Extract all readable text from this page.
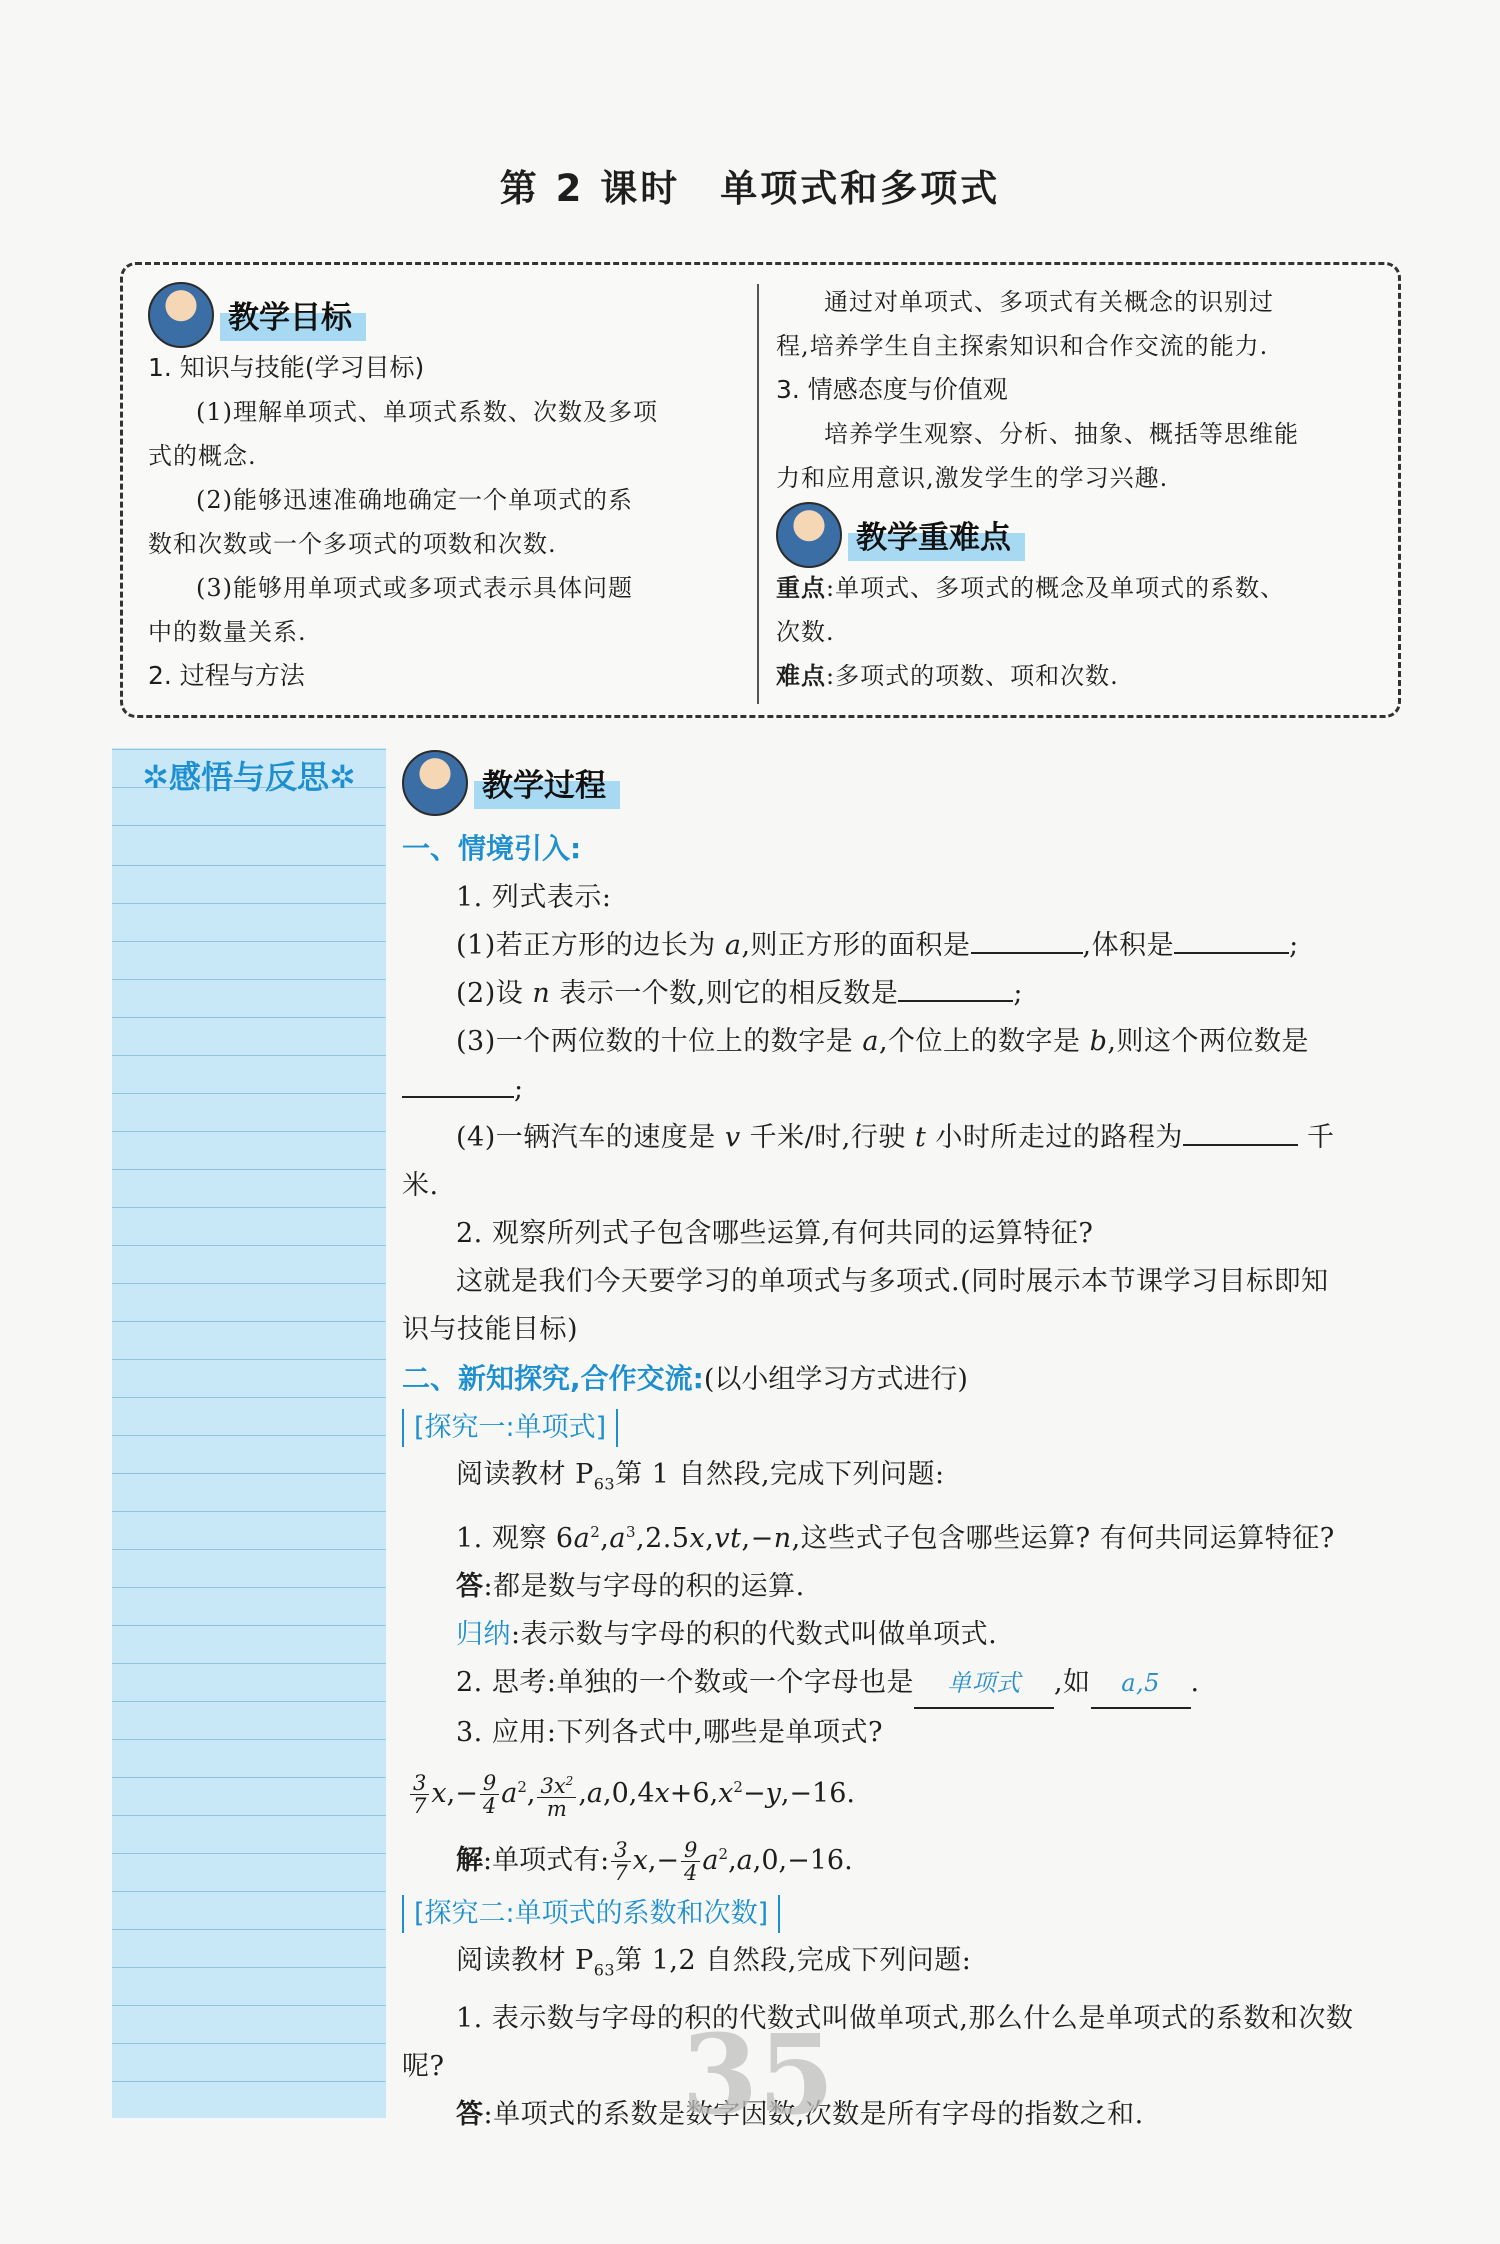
第 2 课时　单项式和多项式
教学目标
1. 知识与技能(学习目标)
(1)理解单项式、单项式系数、次数及多项
式的概念.
(2)能够迅速准确地确定一个单项式的系
数和次数或一个多项式的项数和次数.
(3)能够用单项式或多项式表示具体问题
中的数量关系.
2. 过程与方法
通过对单项式、多项式有关概念的识别过
程,培养学生自主探索知识和合作交流的能力.
3. 情感态度与价值观
培养学生观察、分析、抽象、概括等思维能
力和应用意识,激发学生的学习兴趣.
教学重难点
重点:单项式、多项式的概念及单项式的系数、
次数.
难点:多项式的项数、项和次数.
✲感悟与反思✲	教学过程
一、情境引入:
1. 列式表示:
(1)若正方形的边长为 a,则正方形的面积是	,体积是	;
(2)设 n 表示一个数,则它的相反数是	;
(3)一个两位数的十位上的数字是 a,个位上的数字是 b,则这个两位数是
;
(4)一辆汽车的速度是 v 千米/时,行驶 t 小时所走过的路程为	千
米.
2. 观察所列式子包含哪些运算,有何共同的运算特征?
这就是我们今天要学习的单项式与多项式.(同时展示本节课学习目标即知
识与技能目标)
二、新知探究,合作交流:(以小组学习方式进行)
[探究一:单项式]
阅读教材 $P_{63}$第 1 自然段,完成下列问题:
1. 观察 $6a^2,a^3,2.5x,vt,-n$,这些式子包含哪些运算? 有何共同运算特征?
答:都是数与字母的积的运算.
归纳:表示数与字母的积的代数式叫做单项式.
2. 思考:单独的一个数或一个字母也是 单项式 ,如 a,5 .
3. 应用:下列各式中,哪些是单项式?
$\frac{3}{7} x,- \frac{9}{4} a^2$, $\frac{3x^2}{m} ,a,0,4x+6,x^2-y,-16$.
解:单项式有: $\frac{3}{7} x,- \frac{9}{4} a^2,a,0,-16$.
[探究二:单项式的系数和次数]
阅读教材 $P_{63}$第 1,2 自然段,完成下列问题:
1. 表示数与字母的积的代数式叫做单项式,那么什么是单项式的系数和次数
呢?
答:单项式的系数是数字因数,次数是所有字母的指数之和.
35
